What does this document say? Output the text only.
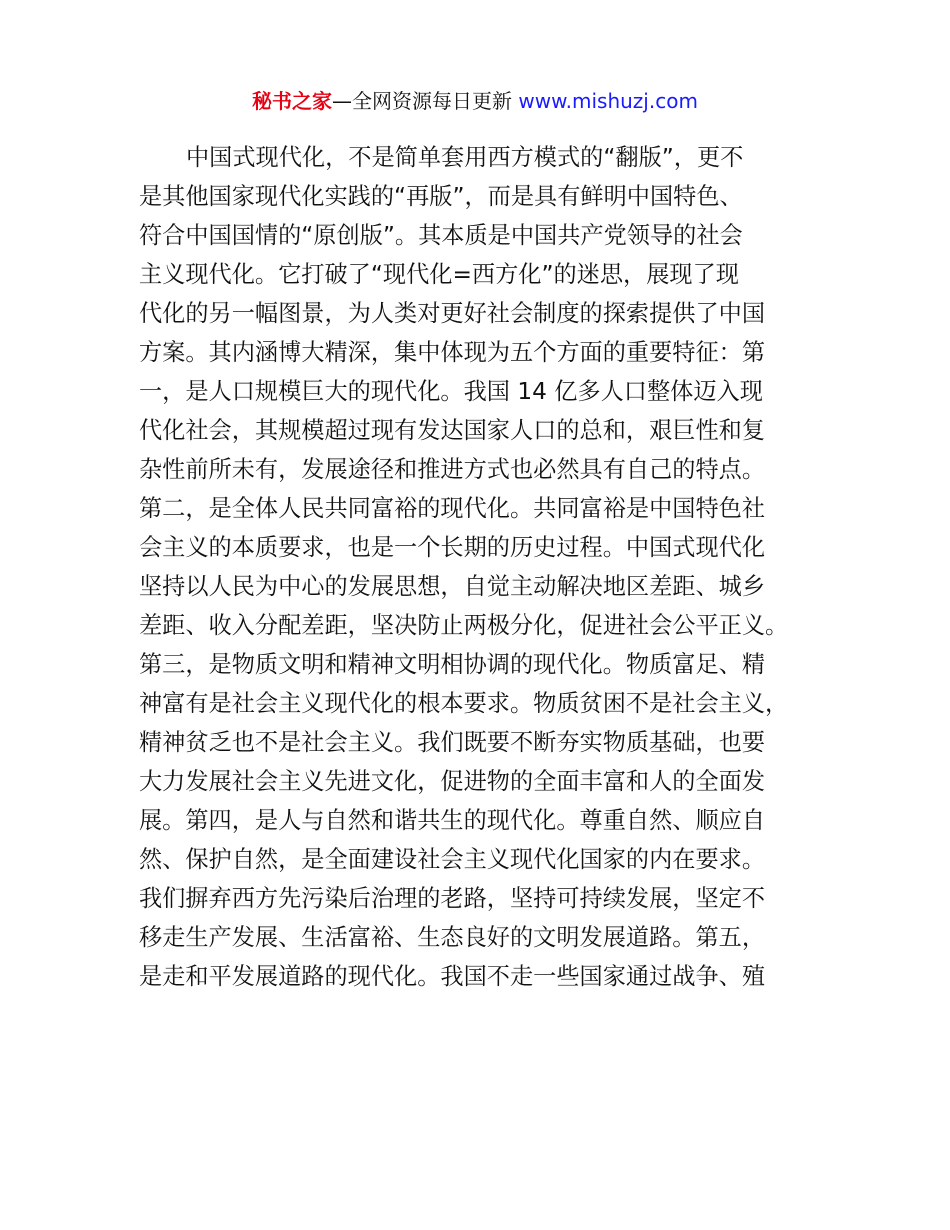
秘书之家—全网资源每日更新 www.mishuzj.com
中国式现代化，不是简单套用西方模式的“翻版”，更不
是其他国家现代化实践的“再版”，而是具有鲜明中国特色、
符合中国国情的“原创版”。其本质是中国共产党领导的社会
主义现代化。它打破了“现代化=西方化”的迷思，展现了现
代化的另一幅图景，为人类对更好社会制度的探索提供了中国
方案。其内涵博大精深，集中体现为五个方面的重要特征：第
一，是人口规模巨大的现代化。我国 14 亿多人口整体迈入现
代化社会，其规模超过现有发达国家人口的总和，艰巨性和复
杂性前所未有，发展途径和推进方式也必然具有自己的特点。
第二，是全体人民共同富裕的现代化。共同富裕是中国特色社
会主义的本质要求，也是一个长期的历史过程。中国式现代化
坚持以人民为中心的发展思想，自觉主动解决地区差距、城乡
差距、收入分配差距，坚决防止两极分化，促进社会公平正义。
第三，是物质文明和精神文明相协调的现代化。物质富足、精
神富有是社会主义现代化的根本要求。物质贫困不是社会主义，
精神贫乏也不是社会主义。我们既要不断夯实物质基础，也要
大力发展社会主义先进文化，促进物的全面丰富和人的全面发
展。第四，是人与自然和谐共生的现代化。尊重自然、顺应自
然、保护自然，是全面建设社会主义现代化国家的内在要求。
我们摒弃西方先污染后治理的老路，坚持可持续发展，坚定不
移走生产发展、生活富裕、生态良好的文明发展道路。第五，
是走和平发展道路的现代化。我国不走一些国家通过战争、殖
